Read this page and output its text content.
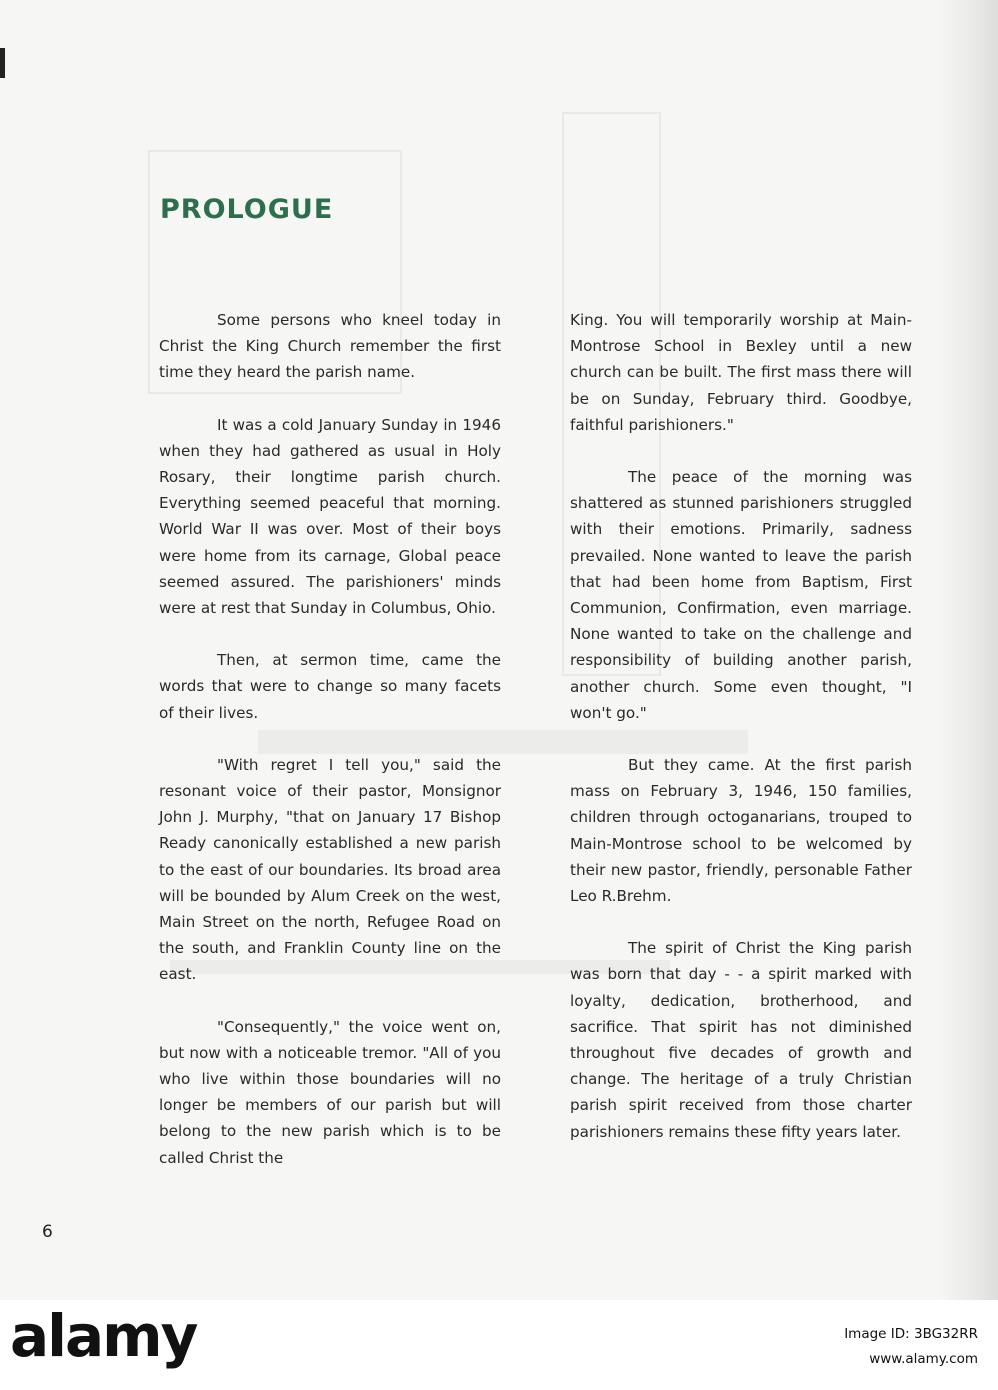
PROLOGUE

Some persons who kneel today in Christ the King Church remember the first time they heard the parish name.

It was a cold January Sunday in 1946 when they had gathered as usual in Holy Rosary, their longtime parish church. Everything seemed peaceful that morning. World War II was over. Most of their boys were home from its carnage, Global peace seemed assured. The parishioners' minds were at rest that Sunday in Columbus, Ohio.

Then, at sermon time, came the words that were to change so many facets of their lives.

"With regret I tell you," said the resonant voice of their pastor, Monsignor John J. Murphy, "that on January 17 Bishop Ready canonically established a new parish to the east of our boundaries. Its broad area will be bounded by Alum Creek on the west, Main Street on the north, Refugee Road on the south, and Franklin County line on the east.

"Consequently," the voice went on, but now with a noticeable tremor. "All of you who live within those boundaries will no longer be members of our parish but will belong to the new parish which is to be called Christ the

King. You will temporarily worship at Main-Montrose School in Bexley until a new church can be built. The first mass there will be on Sunday, February third. Goodbye, faithful parishioners."

The peace of the morning was shattered as stunned parishioners struggled with their emotions. Primarily, sadness prevailed. None wanted to leave the parish that had been home from Baptism, First Communion, Confirmation, even marriage. None wanted to take on the challenge and responsibility of building another parish, another church. Some even thought, "I won't go."

But they came. At the first parish mass on February 3, 1946, 150 families, children through octoganarians, trouped to Main-Montrose school to be welcomed by their new pastor, friendly, personable Father Leo R.Brehm.

The spirit of Christ the King parish was born that day - - a spirit marked with loyalty, dedication, brotherhood, and sacrifice. That spirit has not diminished throughout five decades of growth and change. The heritage of a truly Christian parish spirit received from those charter parishioners remains these fifty years later.

6
alamy	Image ID: 3BG32RR
www.alamy.com
